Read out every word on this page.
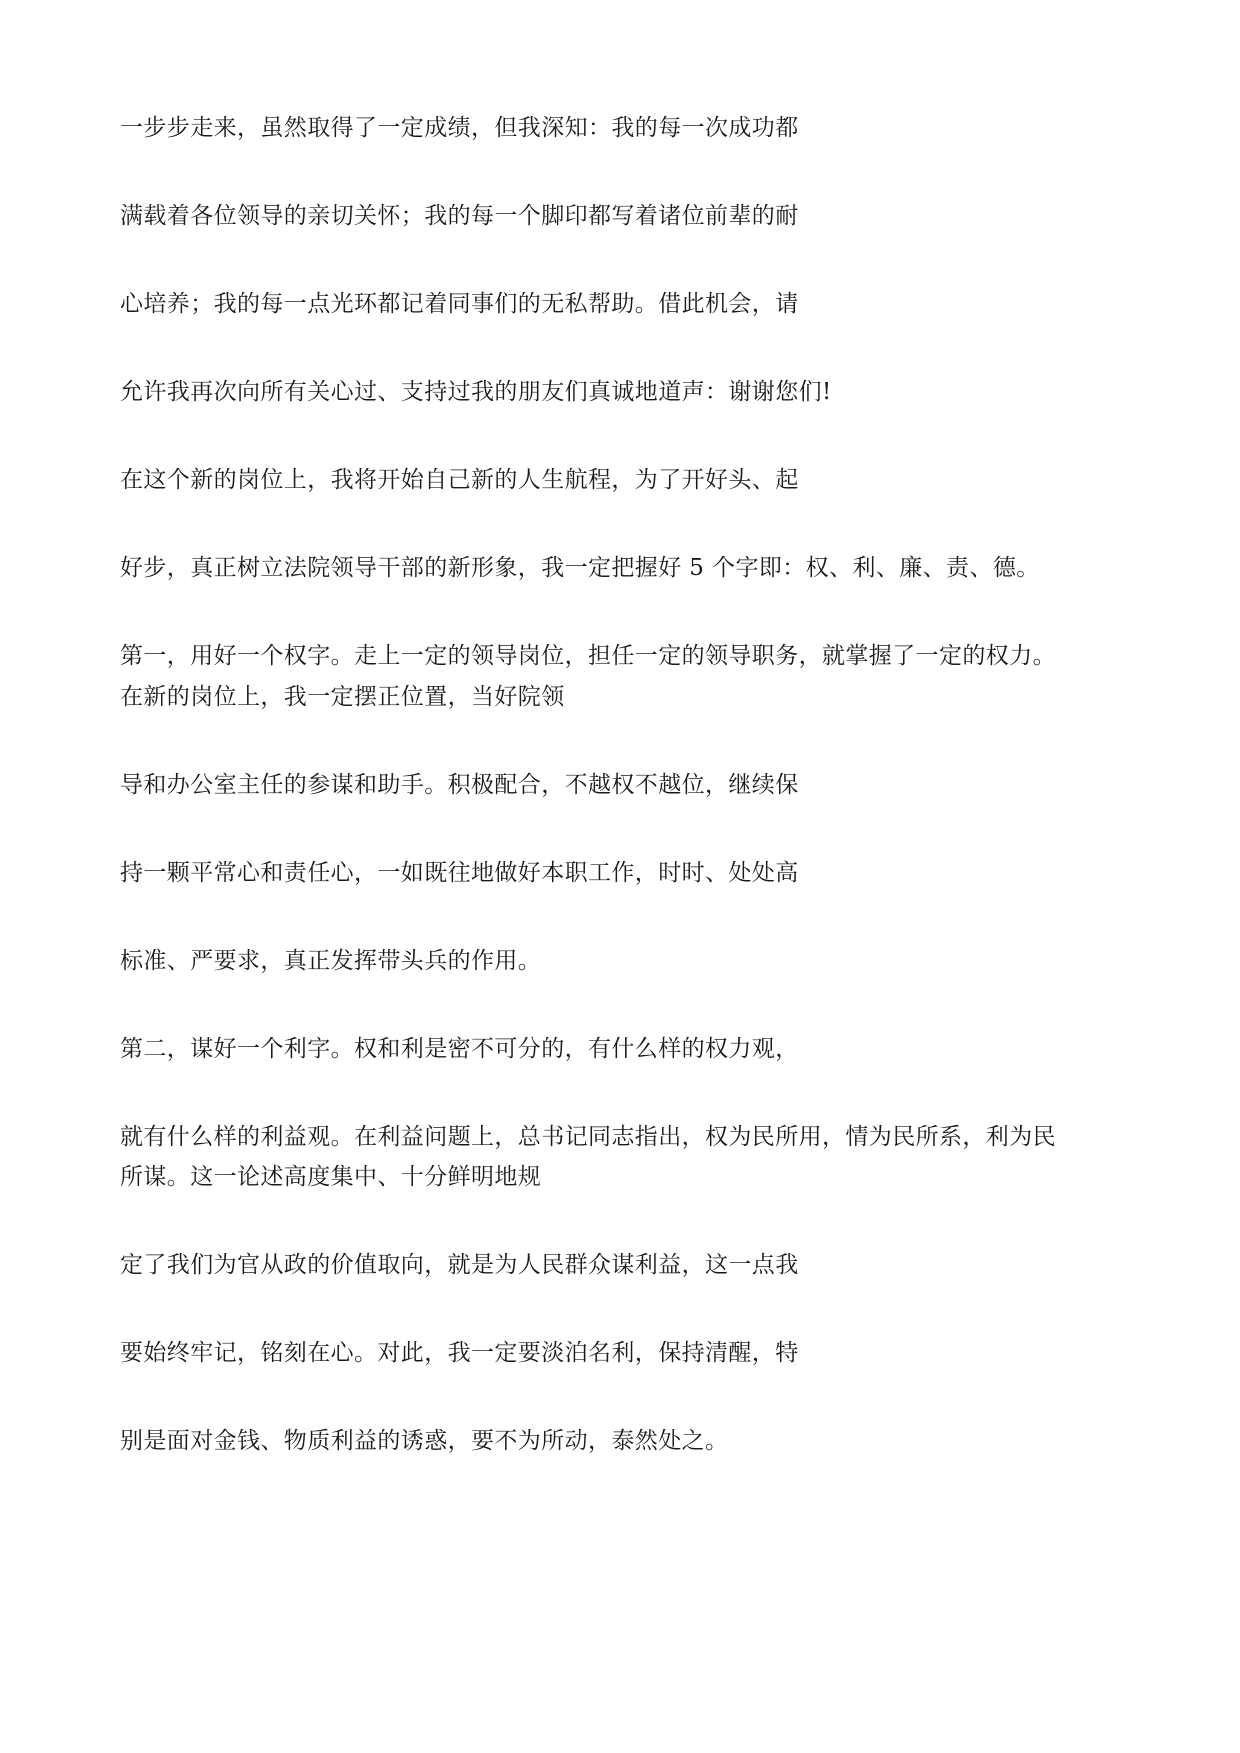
一步步走来，虽然取得了一定成绩，但我深知：我的每一次成功都

满载着各位领导的亲切关怀；我的每一个脚印都写着诸位前辈的耐

心培养；我的每一点光环都记着同事们的无私帮助。借此机会，请

允许我再次向所有关心过、支持过我的朋友们真诚地道声：谢谢您们!

在这个新的岗位上，我将开始自己新的人生航程，为了开好头、起

好步，真正树立法院领导干部的新形象，我一定把握好 5 个字即：权、利、廉、责、德。

第一，用好一个权字。走上一定的领导岗位，担任一定的领导职务，就掌握了一定的权力。

在新的岗位上，我一定摆正位置，当好院领

导和办公室主任的参谋和助手。积极配合，不越权不越位，继续保

持一颗平常心和责任心，一如既往地做好本职工作，时时、处处高

标准、严要求，真正发挥带头兵的作用。

第二，谋好一个利字。权和利是密不可分的，有什么样的权力观，

就有什么样的利益观。在利益问题上，总书记同志指出，权为民所用，情为民所系，利为民

所谋。这一论述高度集中、十分鲜明地规

定了我们为官从政的价值取向，就是为人民群众谋利益，这一点我

要始终牢记，铭刻在心。对此，我一定要淡泊名利，保持清醒，特

别是面对金钱、物质利益的诱惑，要不为所动，泰然处之。
